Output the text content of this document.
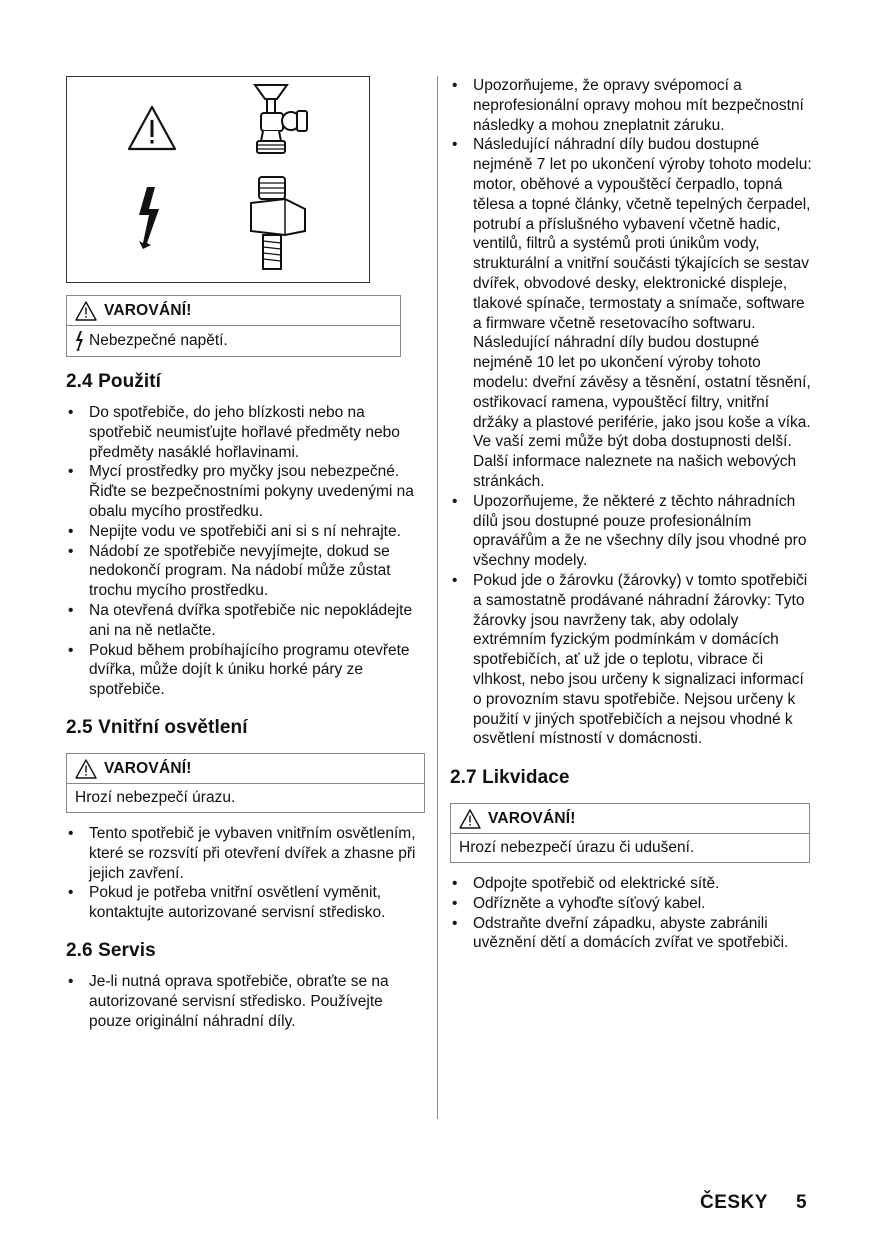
VAROVÁNÍ!
Nebezpečné napětí.
2.4 Použití
• Do spotřebiče, do jeho blízkosti nebo na spotřebič neumisťujte hořlavé předměty nebo předměty nasáklé hořlavinami.
• Mycí prostředky pro myčky jsou nebezpečné. Řiďte se bezpečnostními pokyny uvedenými na obalu mycího prostředku.
• Nepijte vodu ve spotřebiči ani si s ní nehrajte.
• Nádobí ze spotřebiče nevyjímejte, dokud se nedokončí program. Na nádobí může zůstat trochu mycího prostředku.
• Na otevřená dvířka spotřebiče nic nepokládejte ani na ně netlačte.
• Pokud během probíhajícího programu otevřete dvířka, může dojít k úniku horké páry ze spotřebiče.
2.5 Vnitřní osvětlení
VAROVÁNÍ!
Hrozí nebezpečí úrazu.
• Tento spotřebič je vybaven vnitřním osvětlením, které se rozsvítí při otevření dvířek a zhasne při jejich zavření.
• Pokud je potřeba vnitřní osvětlení vyměnit, kontaktujte autorizované servisní středisko.
2.6 Servis
• Je-li nutná oprava spotřebiče, obraťte se na autorizované servisní středisko. Používejte pouze originální náhradní díly.
• Upozorňujeme, že opravy svépomocí a neprofesionální opravy mohou mít bezpečnostní následky a mohou zneplatnit záruku.
• Následující náhradní díly budou dostupné nejméně 7 let po ukončení výroby tohoto modelu: motor, oběhové a vypouštěcí čerpadlo, topná tělesa a topné články, včetně tepelných čerpadel, potrubí a příslušného vybavení včetně hadic, ventilů, filtrů a systémů proti únikům vody, strukturální a vnitřní součásti týkajících se sestav dvířek, obvodové desky, elektronické displeje, tlakové spínače, termostaty a snímače, software a firmware včetně resetovacího softwaru. Následující náhradní díly budou dostupné nejméně 10 let po ukončení výroby tohoto modelu: dveřní závěsy a těsnění, ostatní těsnění, ostřikovací ramena, vypouštěcí filtry, vnitřní držáky a plastové periférie, jako jsou koše a víka. Ve vaší zemi může být doba dostupnosti delší. Další informace naleznete na našich webových stránkách.
• Upozorňujeme, že některé z těchto náhradních dílů jsou dostupné pouze profesionálním opravářům a že ne všechny díly jsou vhodné pro všechny modely.
• Pokud jde o žárovku (žárovky) v tomto spotřebiči a samostatně prodávané náhradní žárovky: Tyto žárovky jsou navrženy tak, aby odolaly extrémním fyzickým podmínkám v domácích spotřebičích, ať už jde o teplotu, vibrace či vlhkost, nebo jsou určeny k signalizaci informací o provozním stavu spotřebiče. Nejsou určeny k použití v jiných spotřebičích a nejsou vhodné k osvětlení místností v domácnosti.
2.7 Likvidace
VAROVÁNÍ!
Hrozí nebezpečí úrazu či udušení.
• Odpojte spotřebič od elektrické sítě.
• Odřízněte a vyhoďte síťový kabel.
• Odstraňte dveřní západku, abyste zabránili uvěznění dětí a domácích zvířat ve spotřebiči.
ČESKY 5
